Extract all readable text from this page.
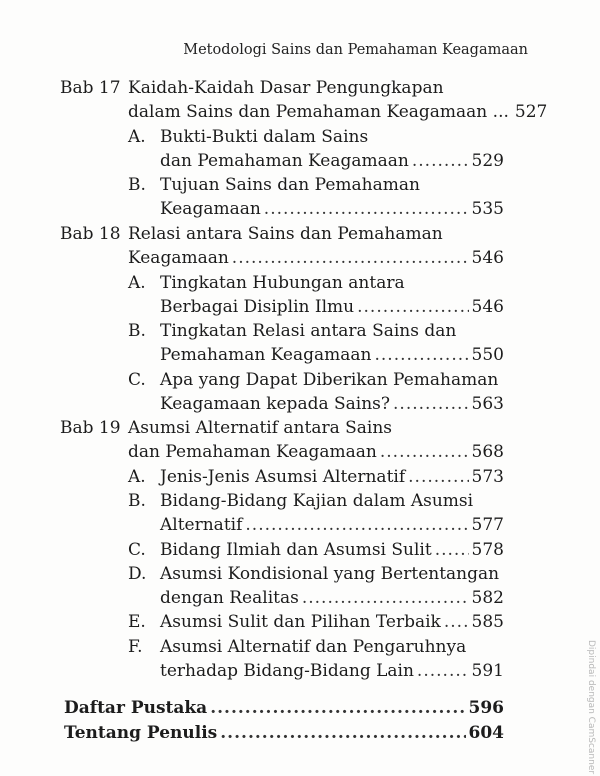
Metodologi Sains dan Pemahaman Keagamaan
Bab 17 Kaidah-Kaidah Dasar Pengungkapan
dalam Sains dan Pemahaman Keagamaan ... 527
A. Bukti-Bukti dalam Sains
dan Pemahaman Keagamaan .....	529
B. Tujuan Sains dan Pemahaman
Keagamaan .....	535
Bab 18 Relasi antara Sains dan Pemahaman
Keagamaan .....	546
A. Tingkatan Hubungan antara
Berbagai Disiplin Ilmu .....	546
B. Tingkatan Relasi antara Sains dan
Pemahaman Keagamaan .....	550
C. Apa yang Dapat Diberikan Pemahaman
Keagamaan kepada Sains? .....	563
Bab 19 Asumsi Alternatif antara Sains
dan Pemahaman Keagamaan .....	568
A. Jenis-Jenis Asumsi Alternatif .....	573
B. Bidang-Bidang Kajian dalam Asumsi
Alternatif .....	577
C. Bidang Ilmiah dan Asumsi Sulit ..... 578
D. Asumsi Kondisional yang Bertentangan
dengan Realitas .....	582
E. Asumsi Sulit dan Pilihan Terbaik ..... 585
F. Asumsi Alternatif dan Pengaruhnya
terhadap Bidang-Bidang Lain .....	591
Daftar Pustaka .....	596
Tentang Penulis .....	604	Dipindai dengan CamScanner
